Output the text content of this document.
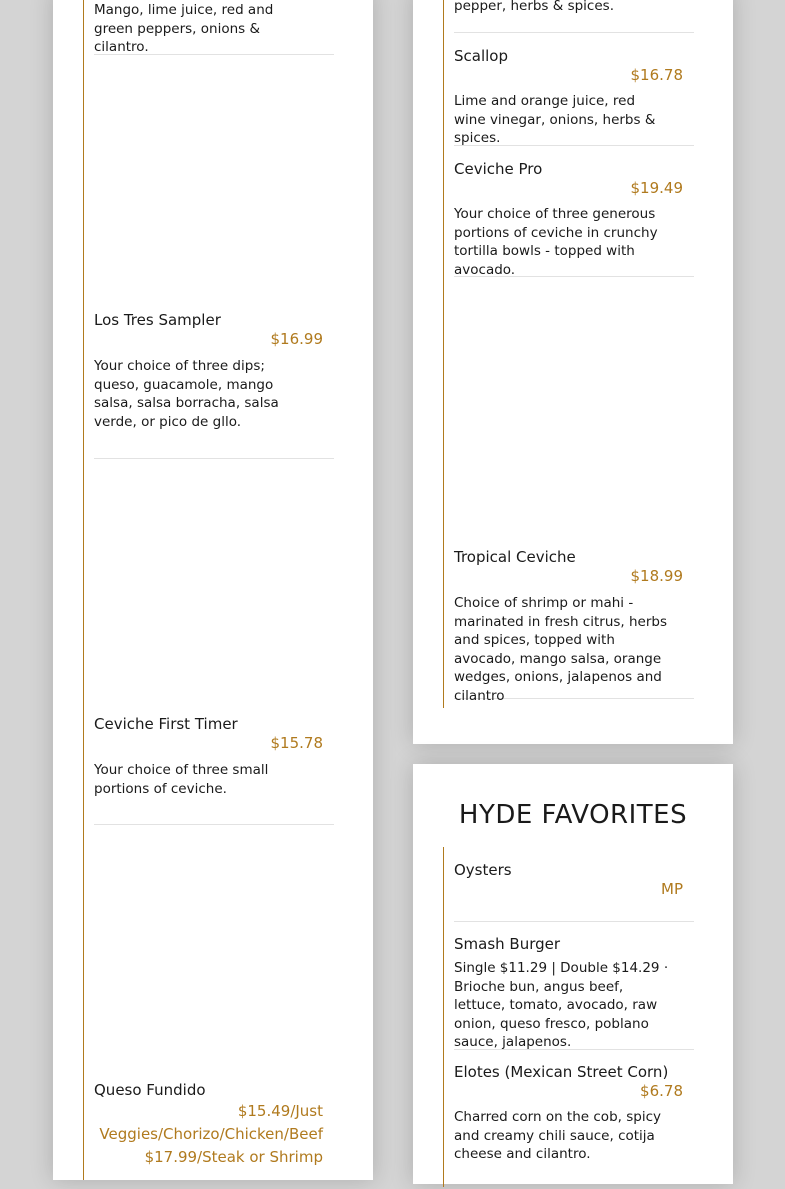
Mango, lime juice, red and green peppers, onions & cilantro.
Los Tres Sampler
$16.99
Your choice of three dips; queso, guacamole, mango salsa, salsa borracha, salsa verde, or pico de gllo.
Ceviche First Timer
$15.78
Your choice of three small portions of ceviche.
Queso Fundido
$15.49/Just Veggies/Chorizo/Chicken/Beef $17.99/Steak or Shrimp
pepper, herbs & spices.
Scallop
$16.78
Lime and orange juice, red wine vinegar, onions, herbs & spices.
Ceviche Pro
$19.49
Your choice of three generous portions of ceviche in crunchy tortilla bowls - topped with avocado.
Tropical Ceviche
$18.99
Choice of shrimp or mahi - marinated in fresh citrus, herbs and spices, topped with avocado, mango salsa, orange wedges, onions, jalapenos and cilantro
HYDE FAVORITES
Oysters
MP
Smash Burger
Single $11.29 | Double $14.29 · Brioche bun, angus beef, lettuce, tomato, avocado, raw onion, queso fresco, poblano sauce, jalapenos.
Elotes (Mexican Street Corn)
$6.78
Charred corn on the cob, spicy and creamy chili sauce, cotija cheese and cilantro.
